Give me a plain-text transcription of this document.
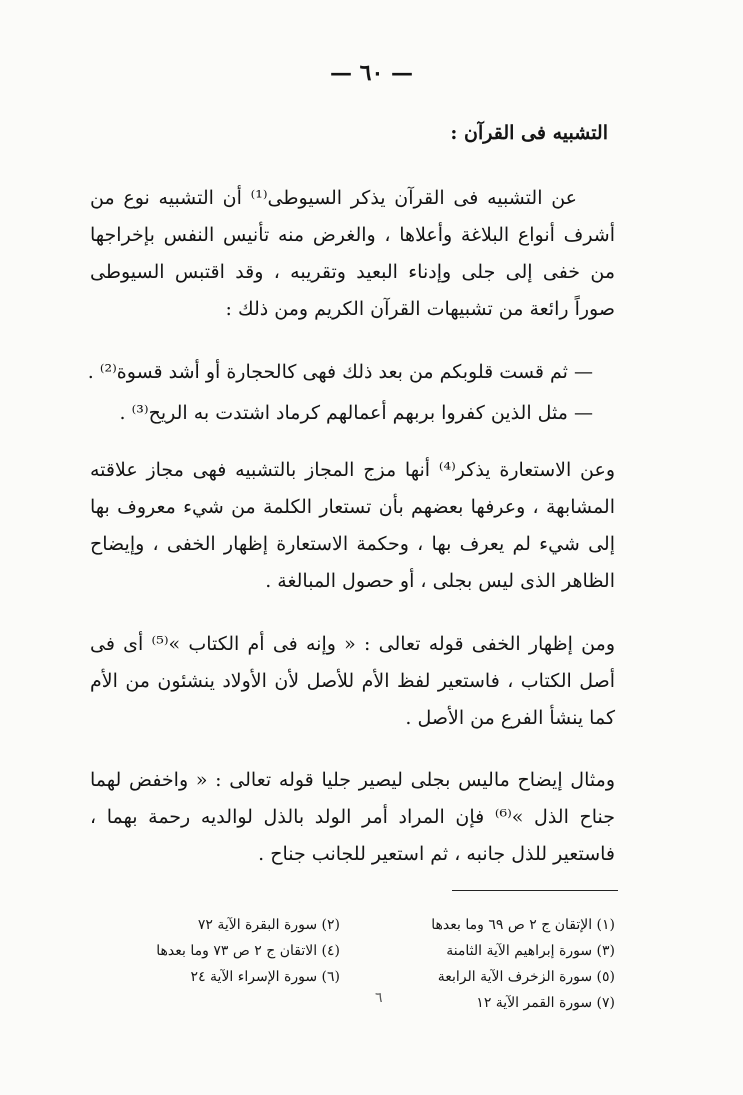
— ٦٠ —
التشبيه فى القرآن :
عن التشبيه فى القرآن يذكر السيوطى⁽¹⁾ أن التشبيه نوع من أشرف أنواع البلاغة وأعلاها ، والغرض منه تأنيس النفس بإخراجها من خفى إلى جلى وإدناء البعيد وتقريبه ، وقد اقتبس السيوطى صوراً رائعة من تشبيهات القرآن الكريم ومن ذلك :
— ثم قست قلوبكم من بعد ذلك فهى كالحجارة أو أشد قسوة⁽²⁾ .
— مثل الذين كفروا بربهم أعمالهم كرماد اشتدت به الريح⁽³⁾ .
وعن الاستعارة يذكر⁽⁴⁾ أنها مزج المجاز بالتشبيه فهى مجاز علاقته المشابهة ، وعرفها بعضهم بأن تستعار الكلمة من شيء معروف بها إلى شيء لم يعرف بها ، وحكمة الاستعارة إظهار الخفى ، وإيضاح الظاهر الذى ليس بجلى ، أو حصول المبالغة .
ومن إظهار الخفى قوله تعالى : « وإنه فى أم الكتاب »⁽⁵⁾ أى فى أصل الكتاب ، فاستعير لفظ الأم للأصل لأن الأولاد ينشئون من الأم كما ينشأ الفرع من الأصل .
ومثال إيضاح ماليس بجلى ليصير جليا قوله تعالى : « واخفض لهما جناح الذل »⁽⁶⁾ فإن المراد أمر الولد بالذل لوالديه رحمة بهما ، فاستعير للذل جانبه ، ثم استعير للجانب جناح .
(١) الإتقان ج ٢ ص ٦٩ وما بعدها
(٢) سورة البقرة الآية ٧٢
(٣) سورة إبراهيم الآية الثامنة
(٤) الاتقان ج ٢ ص ٧٣ وما بعدها
(٥) سورة الزخرف الآية الرابعة
(٦) سورة الإسراء الآية ٢٤
(٧) سورة القمر الآية ١٢
٦
